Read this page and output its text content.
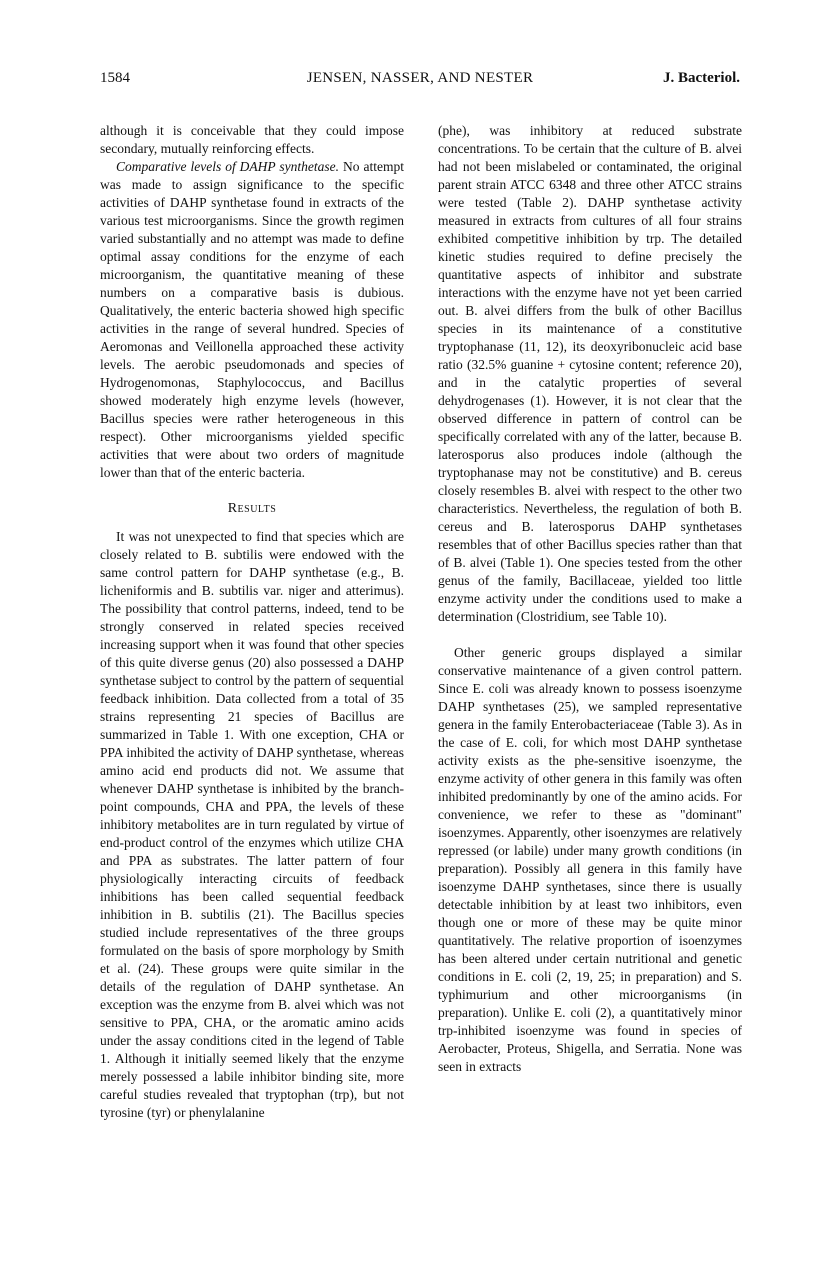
1584	JENSEN, NASSER, AND NESTER	J. Bacteriol.

although it is conceivable that they could impose secondary, mutually reinforcing effects.

Comparative levels of DAHP synthetase. No attempt was made to assign significance to the specific activities of DAHP synthetase found in extracts of the various test microorganisms. Since the growth regimen varied substantially and no attempt was made to define optimal assay conditions for the enzyme of each microorganism, the quantitative meaning of these numbers on a comparative basis is dubious. Qualitatively, the enteric bacteria showed high specific activities in the range of several hundred. Species of Aeromonas and Veillonella approached these activity levels. The aerobic pseudomonads and species of Hydrogenomonas, Staphylococcus, and Bacillus showed moderately high enzyme levels (however, Bacillus species were rather heterogeneous in this respect). Other microorganisms yielded specific activities that were about two orders of magnitude lower than that of the enteric bacteria.

Results

It was not unexpected to find that species which are closely related to B. subtilis were endowed with the same control pattern for DAHP synthetase (e.g., B. licheniformis and B. subtilis var. niger and atterimus). The possibility that control patterns, indeed, tend to be strongly conserved in related species received increasing support when it was found that other species of this quite diverse genus (20) also possessed a DAHP synthetase subject to control by the pattern of sequential feedback inhibition. Data collected from a total of 35 strains representing 21 species of Bacillus are summarized in Table 1. With one exception, CHA or PPA inhibited the activity of DAHP synthetase, whereas amino acid end products did not. We assume that whenever DAHP synthetase is inhibited by the branch-point compounds, CHA and PPA, the levels of these inhibitory metabolites are in turn regulated by virtue of end-product control of the enzymes which utilize CHA and PPA as substrates. The latter pattern of four physiologically interacting circuits of feedback inhibitions has been called sequential feedback inhibition in B. subtilis (21). The Bacillus species studied include representatives of the three groups formulated on the basis of spore morphology by Smith et al. (24). These groups were quite similar in the details of the regulation of DAHP synthetase. An exception was the enzyme from B. alvei which was not sensitive to PPA, CHA, or the aromatic amino acids under the assay conditions cited in the legend of Table 1. Although it initially seemed likely that the enzyme merely possessed a labile inhibitor binding site, more careful studies revealed that tryptophan (trp), but not tyrosine (tyr) or phenylalanine

(phe), was inhibitory at reduced substrate concentrations. To be certain that the culture of B. alvei had not been mislabeled or contaminated, the original parent strain ATCC 6348 and three other ATCC strains were tested (Table 2). DAHP synthetase activity measured in extracts from cultures of all four strains exhibited competitive inhibition by trp. The detailed kinetic studies required to define precisely the quantitative aspects of inhibitor and substrate interactions with the enzyme have not yet been carried out. B. alvei differs from the bulk of other Bacillus species in its maintenance of a constitutive tryptophanase (11, 12), its deoxyribonucleic acid base ratio (32.5% guanine + cytosine content; reference 20), and in the catalytic properties of several dehydrogenases (1). However, it is not clear that the observed difference in pattern of control can be specifically correlated with any of the latter, because B. laterosporus also produces indole (although the tryptophanase may not be constitutive) and B. cereus closely resembles B. alvei with respect to the other two characteristics. Nevertheless, the regulation of both B. cereus and B. laterosporus DAHP synthetases resembles that of other Bacillus species rather than that of B. alvei (Table 1). One species tested from the other genus of the family, Bacillaceae, yielded too little enzyme activity under the conditions used to make a determination (Clostridium, see Table 10).

Other generic groups displayed a similar conservative maintenance of a given control pattern. Since E. coli was already known to possess isoenzyme DAHP synthetases (25), we sampled representative genera in the family Enterobacteriaceae (Table 3). As in the case of E. coli, for which most DAHP synthetase activity exists as the phe-sensitive isoenzyme, the enzyme activity of other genera in this family was often inhibited predominantly by one of the amino acids. For convenience, we refer to these as "dominant" isoenzymes. Apparently, other isoenzymes are relatively repressed (or labile) under many growth conditions (in preparation). Possibly all genera in this family have isoenzyme DAHP synthetases, since there is usually detectable inhibition by at least two inhibitors, even though one or more of these may be quite minor quantitatively. The relative proportion of isoenzymes has been altered under certain nutritional and genetic conditions in E. coli (2, 19, 25; in preparation) and S. typhimurium and other microorganisms (in preparation). Unlike E. coli (2), a quantitatively minor trp-inhibited isoenzyme was found in species of Aerobacter, Proteus, Shigella, and Serratia. None was seen in extracts
